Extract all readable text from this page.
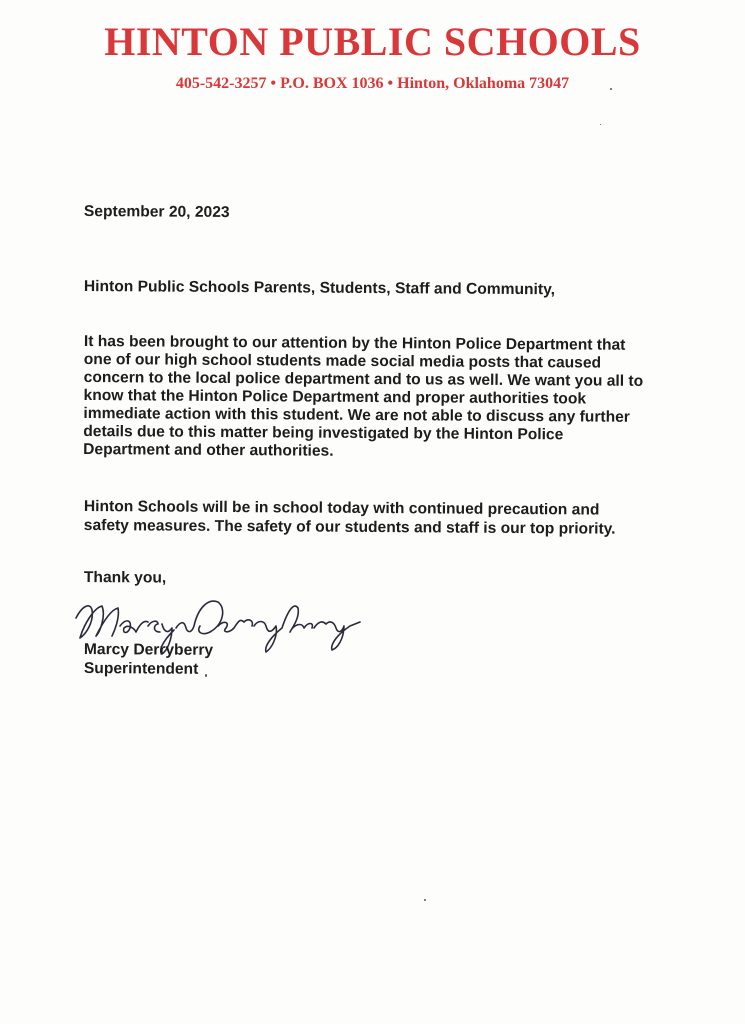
HINTON PUBLIC SCHOOLS
405-542-3257 • P.O. BOX 1036 • Hinton, Oklahoma 73047
September 20, 2023
Hinton Public Schools Parents, Students, Staff and Community,
It has been brought to our attention by the Hinton Police Department that one of our high school students made social media posts that caused concern to the local police department and to us as well. We want you all to know that the Hinton Police Department and proper authorities took immediate action with this student. We are not able to discuss any further details due to this matter being investigated by the Hinton Police Department and other authorities.
Hinton Schools will be in school today with continued precaution and safety measures. The safety of our students and staff is our top priority.
Thank you,
Marcy Derryberry
Superintendent
